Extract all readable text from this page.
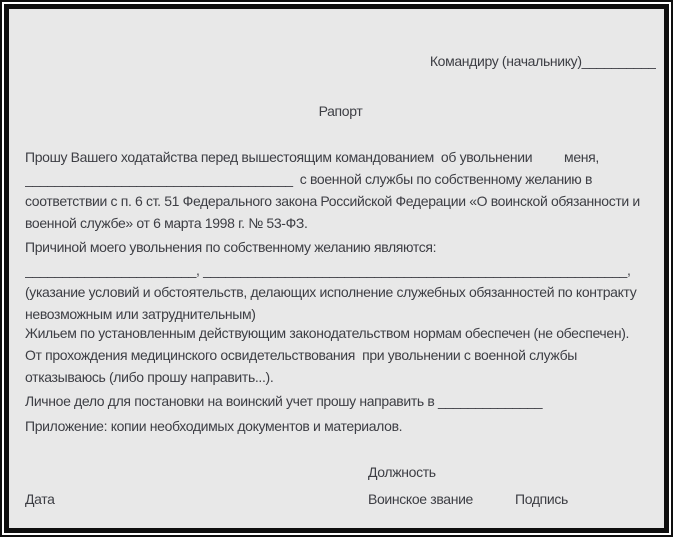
Командиру (начальнику)__________
Рапорт
Прошу Вашего ходатайства перед вышестоящим командованием  об увольнении         меня,
____________________________________  с военной службы по собственному желанию в
соответствии с п. 6 ст. 51 Федерального закона Российской Федерации «О воинской обязанности и
военной службе» от 6 марта 1998 г. № 53-ФЗ.
Причиной моего увольнения по собственному желанию являются:
_______________________, _________________________________________________________,
(указание условий и обстоятельств, делающих исполнение служебных обязанностей по контракту
невозможным или затруднительным)
Жильем по установленным действующим законодательством нормам обеспечен (не обеспечен).
От прохождения медицинского освидетельствования  при увольнении с военной службы
отказываюсь (либо прошу направить...).
Личное дело для постановки на воинский учет прошу направить в ______________
Приложение: копии необходимых документов и материалов.
Должность
Дата	Воинское звание	Подпись
